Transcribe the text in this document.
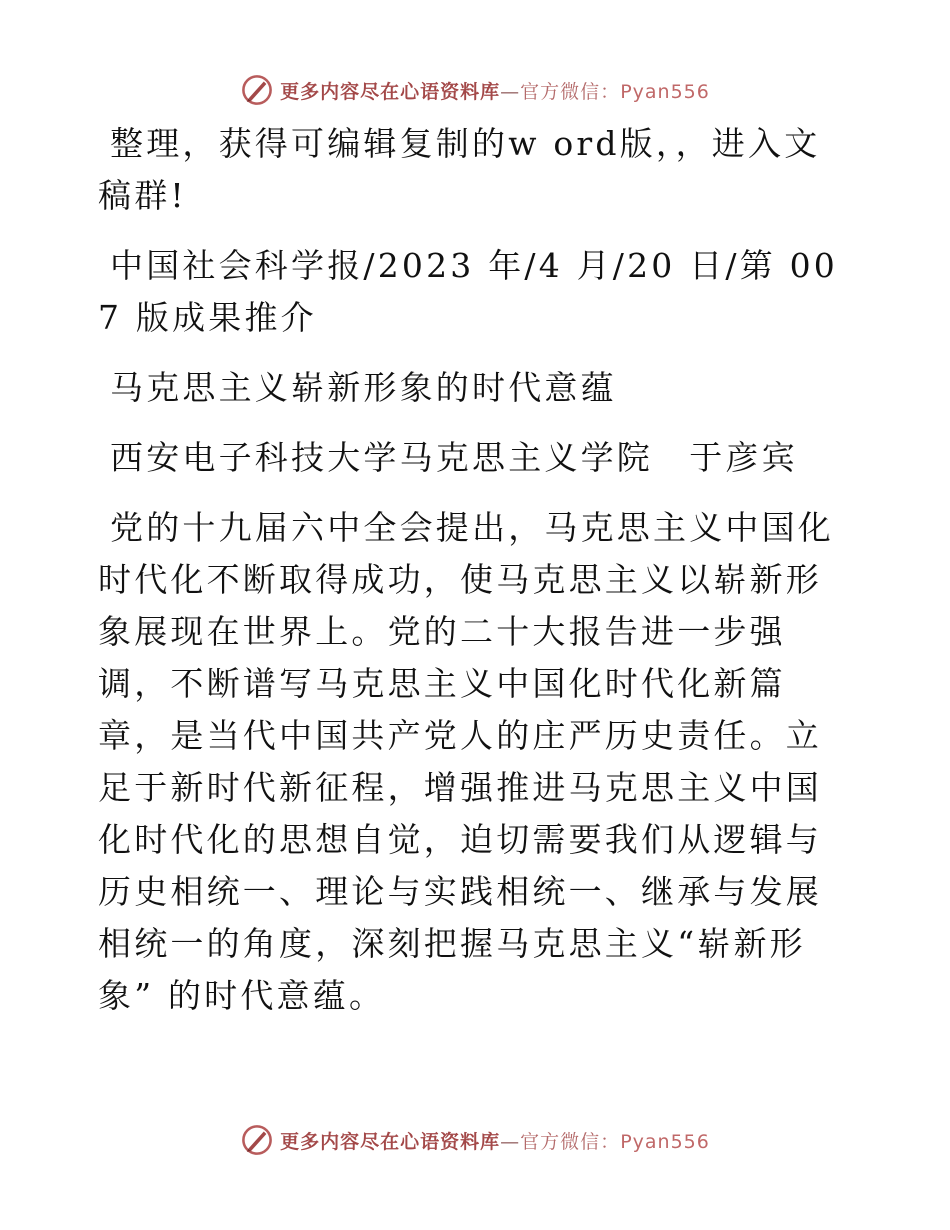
更多内容尽在心语资料库—官方微信：Pyan556

整理，获得可编辑复制的w ord版，，进入文稿群!

中国社会科学报/2023 年/4 月/20 日/第 007 版成果推介

马克思主义崭新形象的时代意蕴

西安电子科技大学马克思主义学院　于彦宾

党的十九届六中全会提出，马克思主义中国化时代化不断取得成功，使马克思主义以崭新形象展现在世界上。党的二十大报告进一步强调，不断谱写马克思主义中国化时代化新篇章，是当代中国共产党人的庄严历史责任。立足于新时代新征程，增强推进马克思主义中国化时代化的思想自觉，迫切需要我们从逻辑与历史相统一、理论与实践相统一、继承与发展相统一的角度，深刻把握马克思主义“崭新形象” 的时代意蕴。

更多内容尽在心语资料库—官方微信：Pyan556
